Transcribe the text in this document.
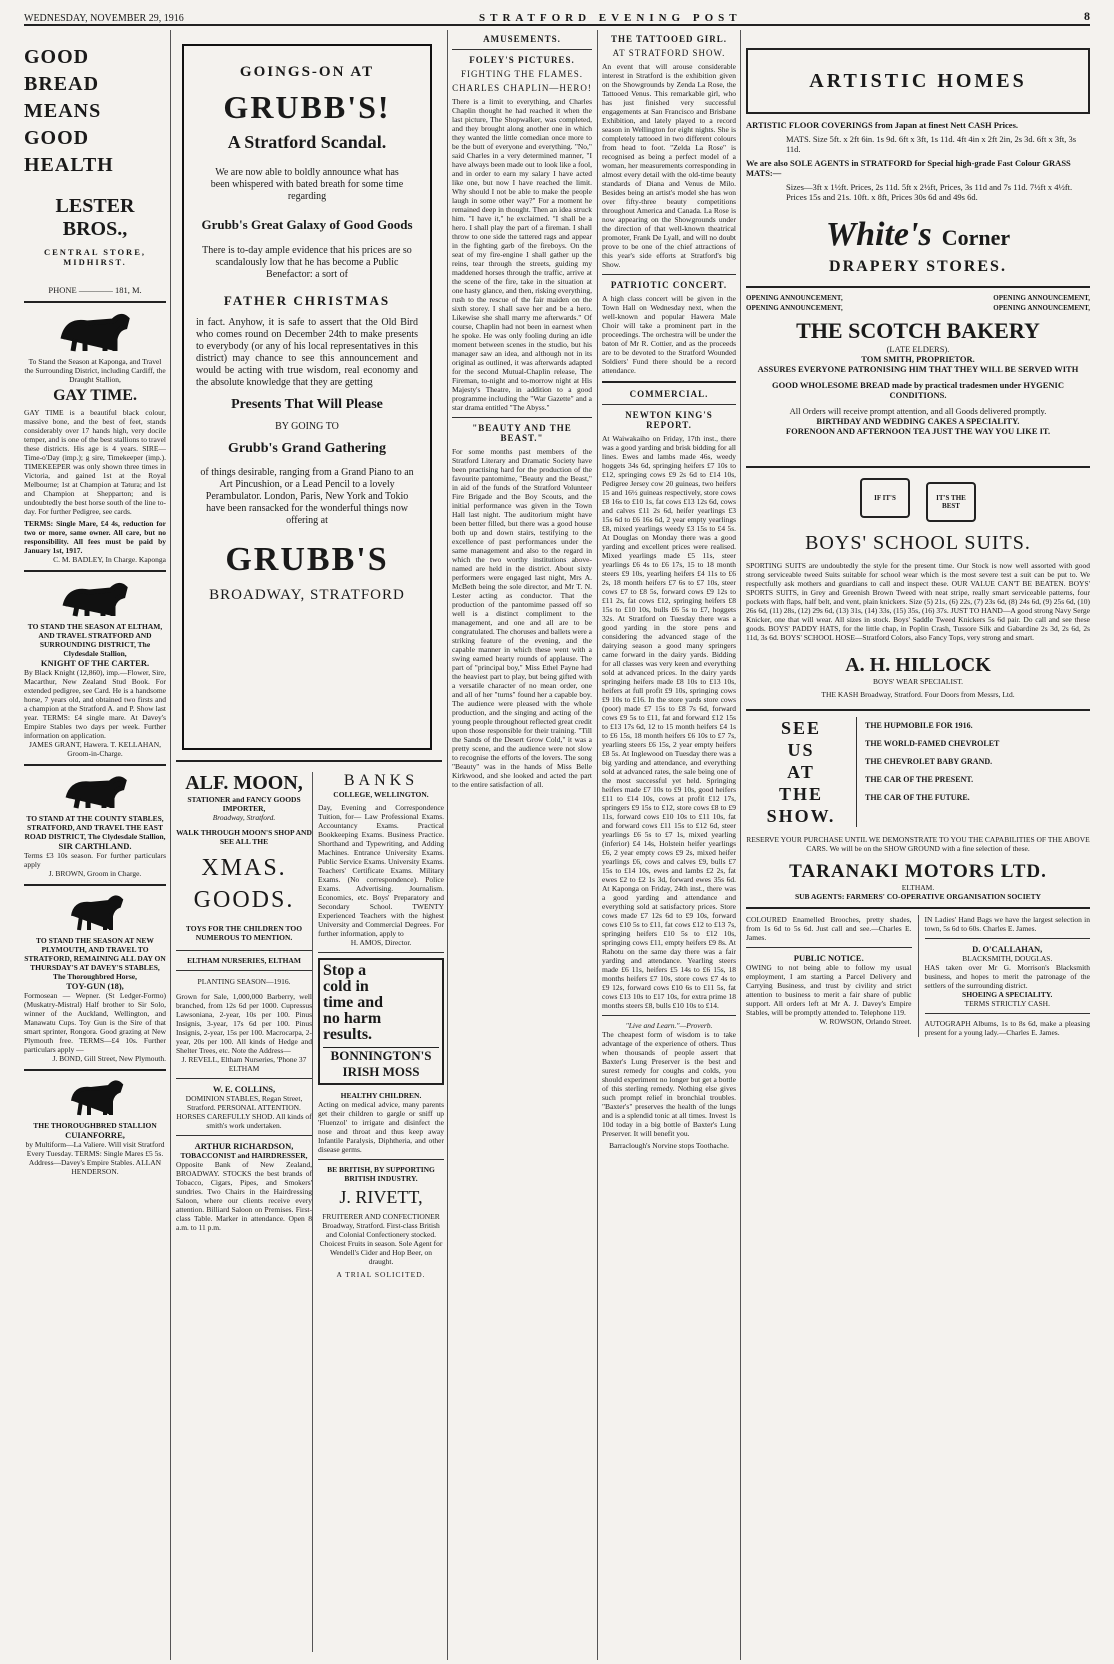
WEDNESDAY, NOVEMBER 29, 1916	STRATFORD EVENING POST	8
GOOD
BREAD
MEANS
GOOD
HEALTH
LESTER BROS.,
CENTRAL STORE, MIDHIRST.
PHONE ———— 181, M.
To Stand the Season at Kaponga, and Travel the Surrounding District, including Cardiff, the Draught Stallion,
GAY TIME.
GAY TIME is a beautiful black colour, massive bone, and the best of feet, stands considerably over 17 hands high, very docile temper, and is one of the best stallions to travel these districts. His age is 4 years. SIRE—Time-o'Day (imp.); g sire, Timekeeper (imp.). TIMEKEEPER was only shown three times in Victoria, and gained 1st at the Royal Melbourne; 1st at Champion at Tatura; and 1st and Champion at Shepparton; and is undoubtedly the best horse south of the line to-day. For further Pedigree, see cards.
TERMS: Single Mare, £4 4s, reduction for two or more, same owner. All care, but no responsibility. All fees must be paid by January 1st, 1917.
C. M. BADLEY, In Charge. Kaponga
TO STAND THE SEASON AT ELTHAM, AND TRAVEL STRATFORD AND SURROUNDING DISTRICT, The Clydesdale Stallion,
KNIGHT OF THE CARTER.
By Black Knight (12,860), imp.—Flower, Sire, Macarthur, New Zealand Stud Book. For extended pedigree, see Card. He is a handsome horse, 7 years old, and obtained two firsts and a champion at the Stratford A. and P. Show last year. TERMS: £4 single mare. At Davey's Empire Stables two days per week. Further information on application.
JAMES GRANT, Hawera. T. KELLAHAN, Groom-in-Charge.
TO STAND AT THE COUNTY STABLES, STRATFORD, AND TRAVEL THE EAST ROAD DISTRICT, The Clydesdale Stallion,
SIR CARTHLAND.
Terms £3 10s season. For further particulars apply
J. BROWN, Groom in Charge.
TO STAND THE SEASON AT NEW PLYMOUTH, AND TRAVEL TO STRATFORD, REMAINING ALL DAY ON THURSDAY'S AT DAVEY'S STABLES, The Thoroughbred Horse,
TOY-GUN (18),
Formosean — Wepner. (St Ledger-Formo) (Muskatry-Mistral) Half brother to Sir Solo, winner of the Auckland, Wellington, and Manawatu Cups. Toy Gun is the Sire of that smart sprinter, Rongora. Good grazing at New Plymouth free. TERMS—£4 10s. Further particulars apply —
J. BOND, Gill Street, New Plymouth.
THE THOROUGHBRED STALLION
CUIANFORRE,
by Multiform—La Valiere. Will visit Stratford Every Tuesday. TERMS: Single Mares £5 5s.
Address—Davey's Empire Stables. ALLAN HENDERSON.
GOINGS-ON AT
GRUBB'S!
A Stratford Scandal.
We are now able to boldly announce what has been whispered with bated breath for some time regarding
Grubb's Great Galaxy of Good Goods
There is to-day ample evidence that his prices are so scandalously low that he has become a Public Benefactor: a sort of
FATHER CHRISTMAS
in fact. Anyhow, it is safe to assert that the Old Bird who comes round on December 24th to make presents to everybody (or any of his local representatives in this district) may chance to see this announcement and would be acting with true wisdom, real economy and the absolute knowledge that they are getting
Presents That Will Please
BY GOING TO
Grubb's Grand Gathering
of things desirable, ranging from a Grand Piano to an Art Pincushion, or a Lead Pencil to a lovely Perambulator. London, Paris, New York and Tokio have been ransacked for the wonderful things now offering at
GRUBB'S
BROADWAY, STRATFORD
ALF. MOON,
STATIONER and FANCY GOODS IMPORTER,
Broadway, Stratford.
WALK THROUGH MOON'S SHOP AND SEE ALL THE
XMAS. GOODS.
TOYS FOR THE CHILDREN TOO NUMEROUS TO MENTION.
ELTHAM NURSERIES, ELTHAM
PLANTING SEASON—1916.
Grown for Sale, 1,000,000 Barberry, well branched, from 12s 6d per 1000. Cupressus Lawsoniana, 2-year, 10s per 100. Pinus Insignis, 3-year, 17s 6d per 100. Pinus Insignis, 2-year, 15s per 100. Macrocarpa, 2-year, 20s per 100. All kinds of Hedge and Shelter Trees, etc. Note the Address—
J. REVELL, Eltham Nurseries, 'Phone 37 ELTHAM
W. E. COLLINS,
DOMINION STABLES, Regan Street, Stratford. PERSONAL ATTENTION. HORSES CAREFULLY SHOD. All kinds of smith's work undertaken.
ARTHUR RICHARDSON,
TOBACCONIST and HAIRDRESSER,
Opposite Bank of New Zealand, BROADWAY. STOCKS the best brands of Tobacco, Cigars, Pipes, and Smokers' sundries. Two Chairs in the Hairdressing Saloon, where our clients receive every attention. Billiard Saloon on Premises. First-class Table. Marker in attendance. Open 8 a.m. to 11 p.m.
BANKS
COLLEGE, WELLINGTON.
Day, Evening and Correspondence Tuition, for— Law Professional Exams. Accountancy Exams. Practical Bookkeeping Exams. Business Practice. Shorthand and Typewriting, and Adding Machines. Entrance University Exams. Public Service Exams. University Exams. Teachers' Certificate Exams. Military Exams. (No correspondence). Police Exams. Advertising. Journalism. Economics, etc. Boys' Preparatory and Secondary School. TWENTY Experienced Teachers with the highest University and Commercial Degrees. For further information, apply to
H. AMOS, Director.
Stop a cold in time and no harm results.
BONNINGTON'S IRISH MOSS
HEALTHY CHILDREN.
Acting on medical advice, many parents get their children to gargle or sniff up 'Fluenzol' to irrigate and disinfect the nose and throat and thus keep away Infantile Paralysis, Diphtheria, and other disease germs.
BE BRITISH, BY SUPPORTING BRITISH INDUSTRY.
J. RIVETT,
FRUITERER AND CONFECTIONER
Broadway, Stratford. First-class British and Colonial Confectionery stocked. Choicest Fruits in season. Sole Agent for Wendell's Cider and Hop Beer, on draught.
A TRIAL SOLICITED.
AMUSEMENTS.
FOLEY'S PICTURES.
FIGHTING THE FLAMES.
CHARLES CHAPLIN—HERO!
There is a limit to everything, and Charles Chaplin thought he had reached it when the last picture, The Shopwalker, was completed, and they brought along another one in which they wanted the little comedian once more to be the butt of everyone and everything. "No," said Charles in a very determined manner, "I have always been made out to look like a fool, and in order to earn my salary I have acted like one, but now I have reached the limit. Why should I not be able to make the people laugh in some other way?" For a moment he remained deep in thought. Then an idea struck him. "I have it," he exclaimed. "I shall be a hero. I shall play the part of a fireman. I shall throw to one side the tattered rags and appear in the fighting garb of the fireboys. On the seat of my fire-engine I shall gather up the reins, tear through the streets, guiding my maddened horses through the traffic, arrive at the scene of the fire, take in the situation at one hasty glance, and then, risking everything, rush to the rescue of the fair maiden on the sixth storey. I shall save her and be a hero. Likewise she shall marry me afterwards." Of course, Chaplin had not been in earnest when he spoke. He was only fooling during an idle moment between scenes in the studio, but his manager saw an idea, and although not in its original as outlined, it was afterwards adapted for the second Mutual-Chaplin release, The Fireman, to-night and to-morrow night at His Majesty's Theatre, in addition to a good programme including the "War Gazette" and a star drama entitled "The Abyss."
"BEAUTY AND THE BEAST."
For some months past members of the Stratford Literary and Dramatic Society have been practising hard for the production of the favourite pantomime, "Beauty and the Beast," in aid of the funds of the Stratford Volunteer Fire Brigade and the Boy Scouts, and the initial performance was given in the Town Hall last night. The auditorium might have been better filled, but there was a good house both up and down stairs, testifying to the excellence of past performances under the same management and also to the regard in which the two worthy institutions above-named are held in the district. About sixty performers were engaged last night, Mrs A. McBeth being the sole director, and Mr T. N. Lester acting as conductor. That the production of the pantomime passed off so well is a distinct compliment to the management, and one and all are to be congratulated. The choruses and ballets were a striking feature of the evening, and the capable manner in which these went with a swing earned hearty rounds of applause. The part of "principal boy," Miss Ethel Payne had the heaviest part to play, but being gifted with a versatile character of no mean order, one and all of her "turns" found her a capable boy. The audience were pleased with the whole production, and the singing and acting of the young people throughout reflected great credit upon those responsible for their training. "Till the Sands of the Desert Grow Cold," it was a pretty scene, and the audience were not slow to recognise the efforts of the lovers. The song "Beauty" was in the hands of Miss Belle Kirkwood, and she looked and acted the part to the entire satisfaction of all.
THE TATTOOED GIRL.
AT STRATFORD SHOW.
An event that will arouse considerable interest in Stratford is the exhibition given on the Showgrounds by Zenda La Rose, the Tattooed Venus. This remarkable girl, who has just finished very successful engagements at San Francisco and Brisbane Exhibition, and lately played to a record season in Wellington for eight nights. She is completely tattooed in two different colours from head to foot. "Zelda La Rose" is recognised as being a perfect model of a woman, her measurements corresponding in almost every detail with the old-time beauty standards of Diana and Venus de Milo. Besides being an artist's model she has won over fifty-three beauty competitions throughout America and Canada. La Rose is now appearing on the Showgrounds under the direction of that well-known theatrical promoter, Frank De Lyall, and will no doubt prove to be one of the chief attractions of this year's side efforts at Stratford's big Show.
PATRIOTIC CONCERT.
A high class concert will be given in the Town Hall on Wednesday next, when the well-known and popular Hawera Male Choir will take a prominent part in the proceedings. The orchestra will be under the baton of Mr R. Cottier, and as the proceeds are to be devoted to the Stratford Wounded Soldiers' Fund there should be a record attendance.
COMMERCIAL.
NEWTON KING'S REPORT.
At Waiwakaiho on Friday, 17th inst., there was a good yarding and brisk bidding for all lines. Ewes and lambs made 46s, weedy hoggets 34s 6d, springing heifers £7 10s to £12, springing cows £9 2s 6d to £14 10s, Pedigree Jersey cow 20 guineas, two heifers 15 and 16½ guineas respectively, store cows £8 16s to £10 1s, fat cows £13 12s 6d, cows and calves £11 2s 6d, heifer yearlings £3 15s 6d to £6 16s 6d, 2 year empty yearlings £8, mixed yearlings weedy £3 15s to £4 5s. At Douglas on Monday there was a good yarding and excellent prices were realised. Mixed yearlings made £5 11s, steer yearlings £6 4s to £6 17s, 15 to 18 month steers £9 10s, yearling heifers £4 11s to £6 2s, 18 month heifers £7 6s to £7 10s, steer cows £7 to £8 5s, forward cows £9 12s to £11 2s, fat cows £12, springing heifers £8 15s to £10 10s, bulls £6 5s to £7, hoggets 32s. At Stratford on Tuesday there was a good yarding in the store pens and considering the advanced stage of the dairying season a good many springers came forward in the dairy yards. Bidding for all classes was very keen and everything sold at advanced prices. In the dairy yards springing heifers made £8 10s to £13 10s, heifers at full profit £9 10s, springing cows £9 10s to £16. In the store yards store cows (poor) made £7 15s to £8 7s 6d, forward cows £9 5s to £11, fat and forward £12 15s to £13 17s 6d, 12 to 15 month heifers £4 1s to £6 15s, 18 month heifers £6 10s to £7 7s, yearling steers £6 15s, 2 year empty heifers £8 5s. At Inglewood on Tuesday there was a big yarding and attendance, and everything sold at advanced rates, the sale being one of the most successful yet held. Springing heifers made £7 10s to £9 10s, good heifers £11 to £14 10s, cows at profit £12 17s, springers £9 15s to £12, store cows £8 to £9 11s, forward cows £10 10s to £11 10s, fat and forward cows £11 15s to £12 6d, steer yearlings £6 5s to £7 1s, mixed yearling (inferior) £4 14s, Holstein heifer yearlings £6, 2 year empty cows £9 2s, mixed heifer yearlings £6, cows and calves £9, bulls £7 15s to £14 10s, ewes and lambs £2 2s, fat ewes £2 to £2 1s 3d, forward ewes 35s 6d. At Kaponga on Friday, 24th inst., there was a good yarding and attendance and everything sold at satisfactory prices. Store cows made £7 12s 6d to £9 10s, forward cows £10 5s to £11, fat cows £12 to £13 7s, springing heifers £10 5s to £12 10s, springing cows £11, empty heifers £9 8s. At Rahotu on the same day there was a fair yarding and attendance. Yearling steers made £6 11s, heifers £5 14s to £6 15s, 18 months heifers £7 10s, store cows £7 4s to £9 12s, forward cows £10 6s to £11 5s, fat cows £13 10s to £17 10s, for extra prime 18 months steers £8, bulls £10 10s to £14.
"Live and Learn."—Proverb.
The cheapest form of wisdom is to take advantage of the experience of others. Thus when thousands of people assert that Baxter's Lung Preserver is the best and surest remedy for coughs and colds, you should experiment no longer but get a bottle of this sterling remedy. Nothing else gives such prompt relief in bronchial troubles. "Baxter's" preserves the health of the lungs and is a splendid tonic at all times. Invest 1s 10d today in a big bottle of Baxter's Lung Preserver. It will benefit you.
Barraclough's Norvine stops Toothache.
ARTISTIC HOMES
ARTISTIC FLOOR COVERINGS from Japan at finest Nett CASH Prices.
MATS. Size 5ft. x 2ft 6in. 1s 9d. 6ft x 3ft, 1s 11d. 4ft 4in x 2ft 2in, 2s 3d. 6ft x 3ft, 3s 11d.
We are also SOLE AGENTS in STRATFORD for Special high-grade Fast Colour GRASS MATS:—
Sizes—3ft x 1½ft. Prices, 2s 11d. 5ft x 2½ft, Prices, 3s 11d and 7s 11d. 7½ft x 4½ft. Prices 15s and 21s. 10ft. x 8ft, Prices 30s 6d and 49s 6d.
White's Corner
DRAPERY STORES.
OPENING ANNOUNCEMENT,	OPENING ANNOUNCEMENT,
OPENING ANNOUNCEMENT,	OPENING ANNOUNCEMENT,
THE SCOTCH BAKERY
(LATE ELDERS).
TOM SMITH, PROPRIETOR.
ASSURES EVERYONE PATRONISING HIM THAT THEY WILL BE SERVED WITH
GOOD WHOLESOME BREAD made by practical tradesmen under HYGENIC CONDITIONS.
All Orders will receive prompt attention, and all Goods delivered promptly.
BIRTHDAY AND WEDDING CAKES A SPECIALITY.
FORENOON AND AFTERNOON TEA JUST THE WAY YOU LIKE IT.
IF IT'S	IT'S THE BEST
BOYS' SCHOOL SUITS.
SPORTING SUITS are undoubtedly the style for the present time. Our Stock is now well assorted with good strong serviceable tweed Suits suitable for school wear which is the most severe test a suit can be put to. We respectfully ask mothers and guardians to call and inspect these. OUR VALUE CAN'T BE BEATEN. BOYS' SPORTS SUITS, in Grey and Greenish Brown Tweed with neat stripe, really smart serviceable patterns, four pockets with flaps, half belt, and vent, plain knickers. Size (5) 21s, (6) 22s, (7) 23s 6d, (8) 24s 6d, (9) 25s 6d, (10) 26s 6d, (11) 28s, (12) 29s 6d, (13) 31s, (14) 33s, (15) 35s, (16) 37s. JUST TO HAND—A good strong Navy Serge Knicker, one that will wear. All sizes in stock. Boys' Saddle Tweed Knickers 5s 6d pair. Do call and see these goods. BOYS' PADDY HATS, for the little chap, in Poplin Crash, Tussore Silk and Gabardine 2s 3d, 2s 6d, 2s 11d, 3s 6d. BOYS' SCHOOL HOSE—Stratford Colors, also Fancy Tops, very strong and smart.
A. H. HILLOCK
BOYS' WEAR SPECIALIST.
THE KASH Broadway, Stratford. Four Doors from Messrs, Ltd.
SEE
US
AT
THE
SHOW.
THE HUPMOBILE FOR 1916.
THE WORLD-FAMED CHEVROLET
THE CHEVROLET BABY GRAND.
THE CAR OF THE PRESENT.
THE CAR OF THE FUTURE.
RESERVE YOUR PURCHASE UNTIL WE DEMONSTRATE TO YOU THE CAPABILITIES OF THE ABOVE CARS. We will be on the SHOW GROUND with a fine selection of these.
TARANAKI MOTORS LTD.
ELTHAM.
SUB AGENTS: FARMERS' CO-OPERATIVE ORGANISATION SOCIETY
COLOURED Enamelled Brooches, pretty shades, from 1s 6d to 5s 6d. Just call and see.—Charles E. James.
PUBLIC NOTICE.
OWING to not being able to follow my usual employment, I am starting a Parcel Delivery and Carrying Business, and trust by civility and strict attention to business to merit a fair share of public support. All orders left at Mr A. J. Davey's Empire Stables, will be promptly attended to. Telephone 119.
W. ROWSON, Orlando Street.
IN Ladies' Hand Bags we have the largest selection in town, 5s 6d to 60s. Charles E. James.
D. O'CALLAHAN,
BLACKSMITH, DOUGLAS.
HAS taken over Mr G. Morrison's Blacksmith business, and hopes to merit the patronage of the settlers of the surrounding district.
SHOEING A SPECIALITY.
TERMS STRICTLY CASH.
AUTOGRAPH Albums, 1s to 8s 6d, make a pleasing present for a young lady.—Charles E. James.
